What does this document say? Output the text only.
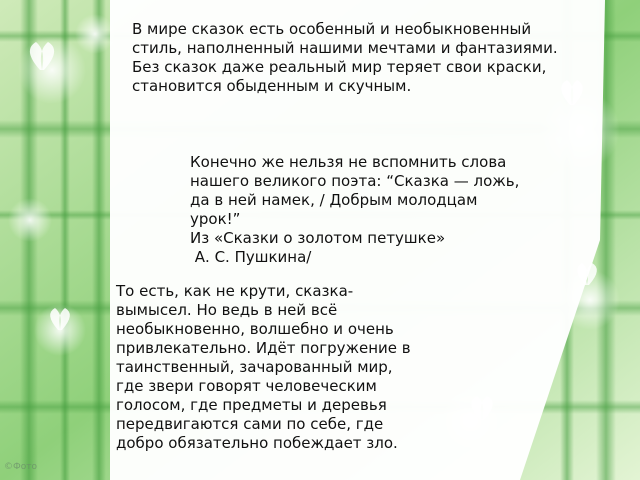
В мире сказок есть особенный и необыкновенный
стиль, наполненный нашими мечтами и фантазиями.
Без сказок даже реальный мир теряет свои краски,
становится обыденным и скучным.
Конечно же нельзя не вспомнить слова
нашего великого поэта: “Сказка — ложь,
да в ней намек, / Добрым молодцам
урок!”
Из «Сказки о золотом петушке»
А. С. Пушкина/
То есть, как не крути, сказка-
вымысел. Но ведь в ней всё
необыкновенно, волшебно и очень
привлекательно. Идёт погружение в
таинственный, зачарованный мир,
где звери говорят человеческим
голосом, где предметы и деревья
передвигаются сами по себе, где
добро обязательно побеждает зло.
©Фото
